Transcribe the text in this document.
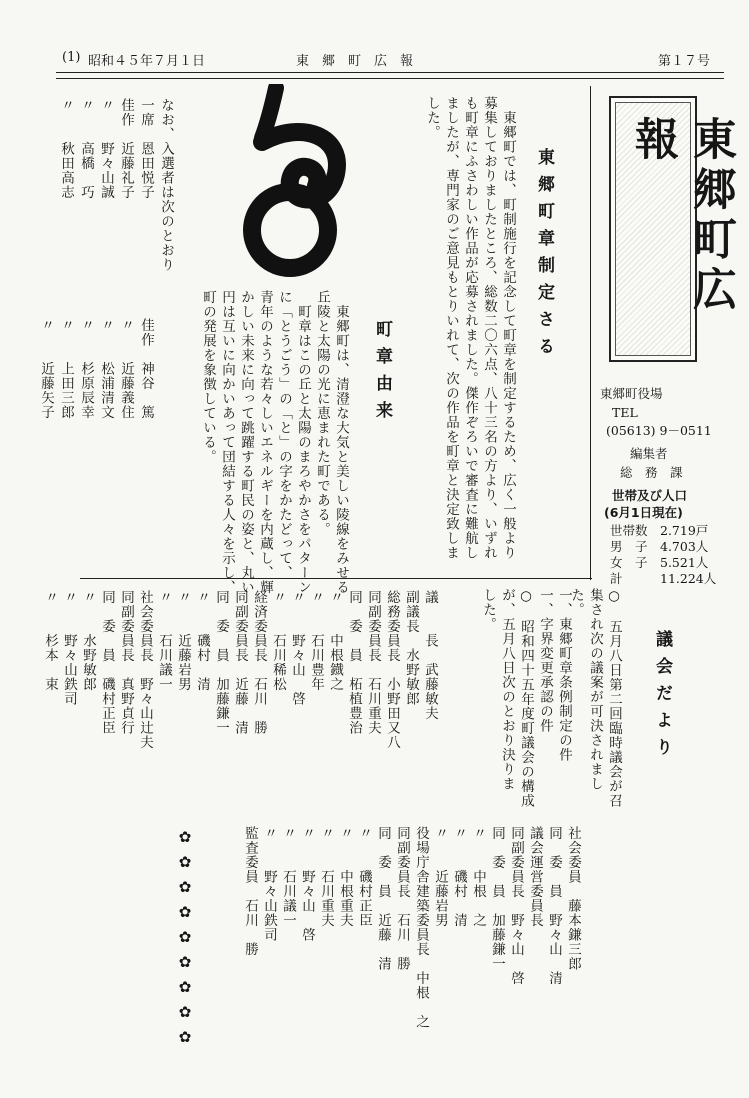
(1) 昭和４５年７月１日	東　郷　町　広　報	第１７号
東郷町広報
東郷町役場
TEL
(05613) 9－0511
編集者
総　務　課
世帯及び人口
(6月1日現在)
世帯数 2.719戸
男　子 4.703人
女　子 5.521人
計	11.224人
東郷町章制定さる
　東郷町では、町制施行を記念して町章を制定するため、広く一般より
募集しておりましたところ、総数二〇六点、八十三名の方より、いずれ
も町章にふさわしい作品が応募されました。傑作ぞろいで審査に難航し
ましたが、専門家のご意見もとりいれて、次の作品を町章と決定致しま
した。
町章由来
　東郷町は、清澄な大気と美しい陵線をみせる
丘陵と太陽の光に恵まれた町である。
　町章はこの丘と太陽のまろやかさをパターン
に「とうごう」の「と」の字をかたどって、
青年のような若々しいエネルギーを内蔵し、輝
かしい未来に向って跳躍する町民の姿と、丸い
円は互いに向かいあって団結する人々を示し、
町の発展を象徴している。
なお、入選者は次のとおり
一席　恩田悦子
佳作　近藤礼子
〃　　野々山誠
〃　　高橋　巧
〃　　秋田高志
佳作　神谷　篤
〃　　近藤義住
〃　　松浦清文
〃　　杉原辰幸
〃　　上田三郎
〃　　近藤矢子
議会だより
○　五月八日第二回臨時議会が召
集され次の議案が可決されまし
た。
一、東郷町章条例制定の件
一、字界変更承認の件
○　昭和四十五年度町議会の構成
が、五月八日次のとおり決りま
した。
議　　長　武藤敏夫
副議長　水野敏郎
総務委員長　小野田又八
同副委員長　石川重夫
同　委　員　柘植豊治
〃　　中根鐡之
〃　　石川豊年
〃　　野々山　啓
〃　　石川稀松
経済委員長　石川　勝
同副委員長　近藤　清
同　委　員　加藤鎌一
〃　　磯村　清
〃　　近藤岩男
〃　　石川議一
社会委員長　野々山辻夫
同副委員長　真野貞行
同　委　員　磯村正臣
〃　　水野敏郎
〃　　野々山鉄司
〃　　杉本　束
✿
✿
✿
✿
✿
✿
✿
✿
✿
社会委員　藤本鎌三郎
同　委　員　野々山　清
議会運営委員長
同副委員長　野々山　啓
同　委　員　加藤鎌一
〃　　中根　之
〃　　磯村　清
〃　　近藤岩男
役場庁舎建築委員長　中根　之
同副委員長　石川　勝
同　委　員　近藤　清
〃　　磯村正臣
〃　　中根重夫
〃　　石川重夫
〃　　野々山　啓
〃　　石川議一
〃　　野々山鉄司
監査委員　石川　勝
